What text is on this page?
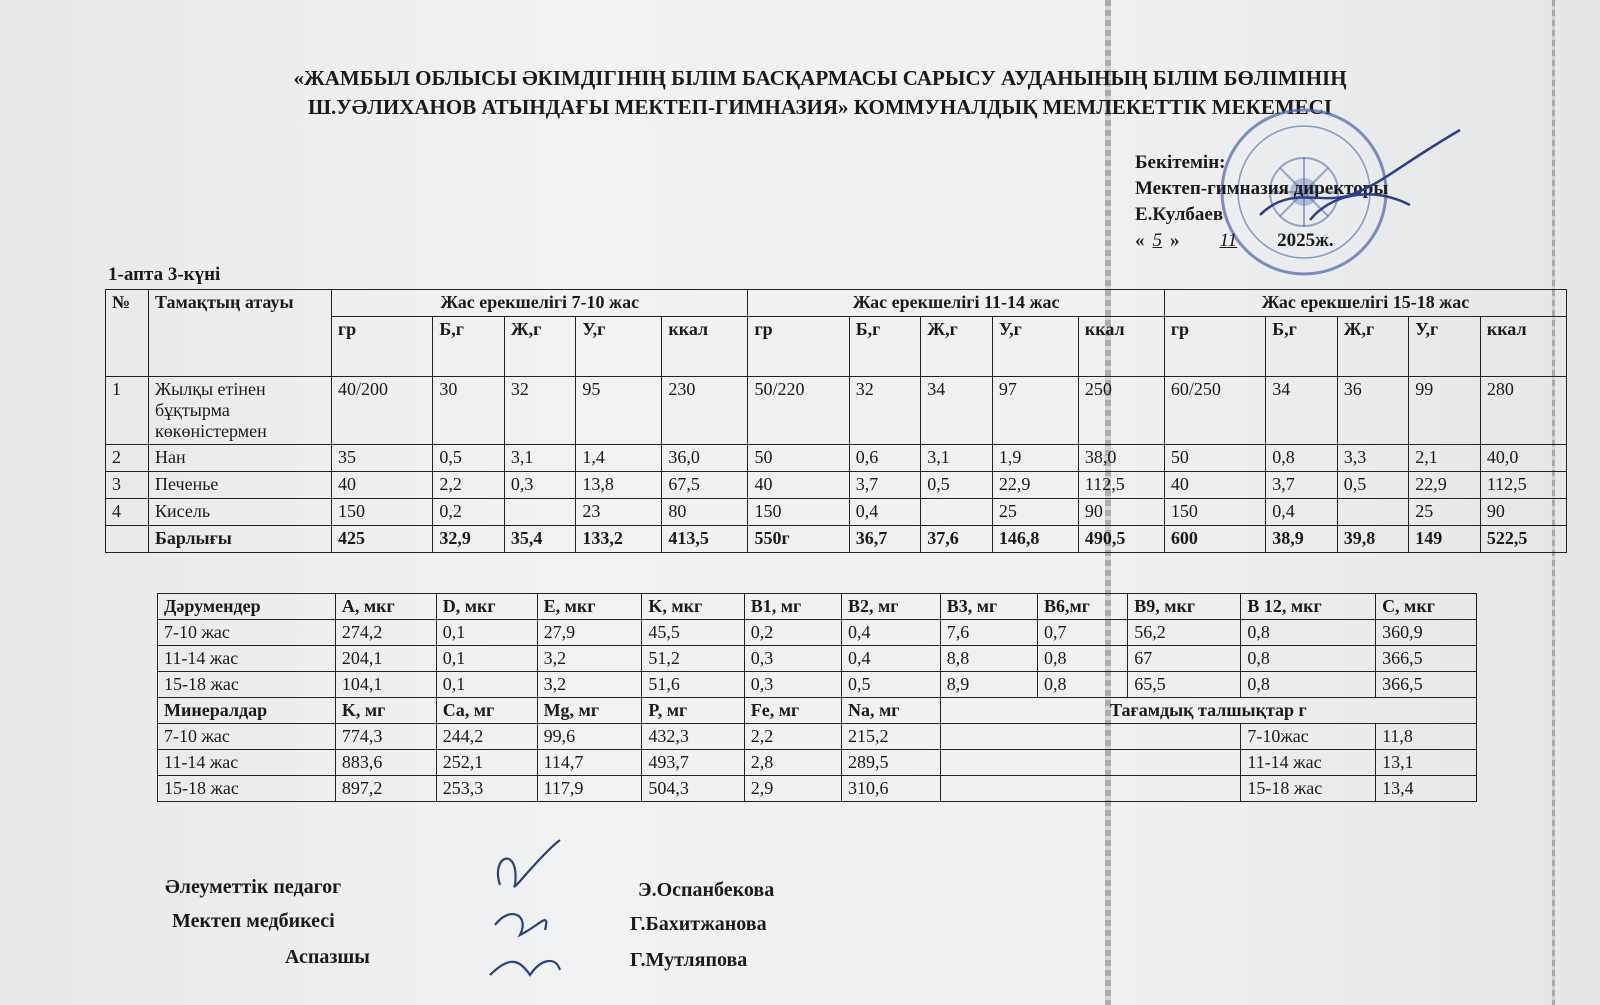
«ЖАМБЫЛ ОБЛЫСЫ ӘКІМДІГІНІҢ БІЛІМ БАСҚАРМАСЫ САРЫСУ АУДАНЫНЫҢ БІЛІМ БӨЛІМІНІҢ
Ш.УӘЛИХАНОВ АТЫНДАҒЫ МЕКТЕП-ГИМНАЗИЯ» КОММУНАЛДЫҚ МЕМЛЕКЕТТІК МЕКЕМЕСІ
Бекітемін:
Мектеп-гимназия директоры
Е.Кулбаев
« 5 » 11 2025ж.
1-апта 3-күні
№	Тамақтың атауы	Жас ерекшелігі 7-10 жас					Жас ерекшелігі 11-14 жас					Жас ерекшелігі 15-18 жас				
		гр	Б,г	Ж,г	У,г	ккал	гр	Б,г	Ж,г	У,г	ккал	гр	Б,г	Ж,г	У,г	ккал
1	Жылқы етінен бұқтырма көкөністермен	40/200	30	32	95	230	50/220	32	34	97	250	60/250	34	36	99	280
2	Нан	35	0,5	3,1	1,4	36,0	50	0,6	3,1	1,9	38,0	50	0,8	3,3	2,1	40,0
3	Печенье	40	2,2	0,3	13,8	67,5	40	3,7	0,5	22,9	112,5	40	3,7	0,5	22,9	112,5
4	Кисель	150	0,2		23	80	150	0,4		25	90	150	0,4		25	90
	Барлығы	425	32,9	35,4	133,2	413,5	550г	36,7	37,6	146,8	490,5	600	38,9	39,8	149	522,5
Дәрумендер	A, мкг	D, мкг	E, мкг	K, мкг	B1, мг	B2, мг	B3, мг	B6,мг	B9, мкг	B 12, мкг	C, мкг
7-10 жас	274,2	0,1	27,9	45,5	0,2	0,4	7,6	0,7	56,2	0,8	360,9
11-14 жас	204,1	0,1	3,2	51,2	0,3	0,4	8,8	0,8	67	0,8	366,5
15-18 жас	104,1	0,1	3,2	51,6	0,3	0,5	8,9	0,8	65,5	0,8	366,5
Минералдар	K, мг	Ca, мг	Mg, мг	P, мг	Fe, мг	Na, мг	Тағамдық талшықтар г				
7-10 жас	774,3	244,2	99,6	432,3	2,2	215,2				7-10жас	11,8
11-14 жас	883,6	252,1	114,7	493,7	2,8	289,5				11-14 жас	13,1
15-18 жас	897,2	253,3	117,9	504,3	2,9	310,6				15-18 жас	13,4
Әлеуметтік педагог	Э.Оспанбекова
Мектеп медбикесі	Г.Бахитжанова
Аспазшы	Г.Мутляпова
